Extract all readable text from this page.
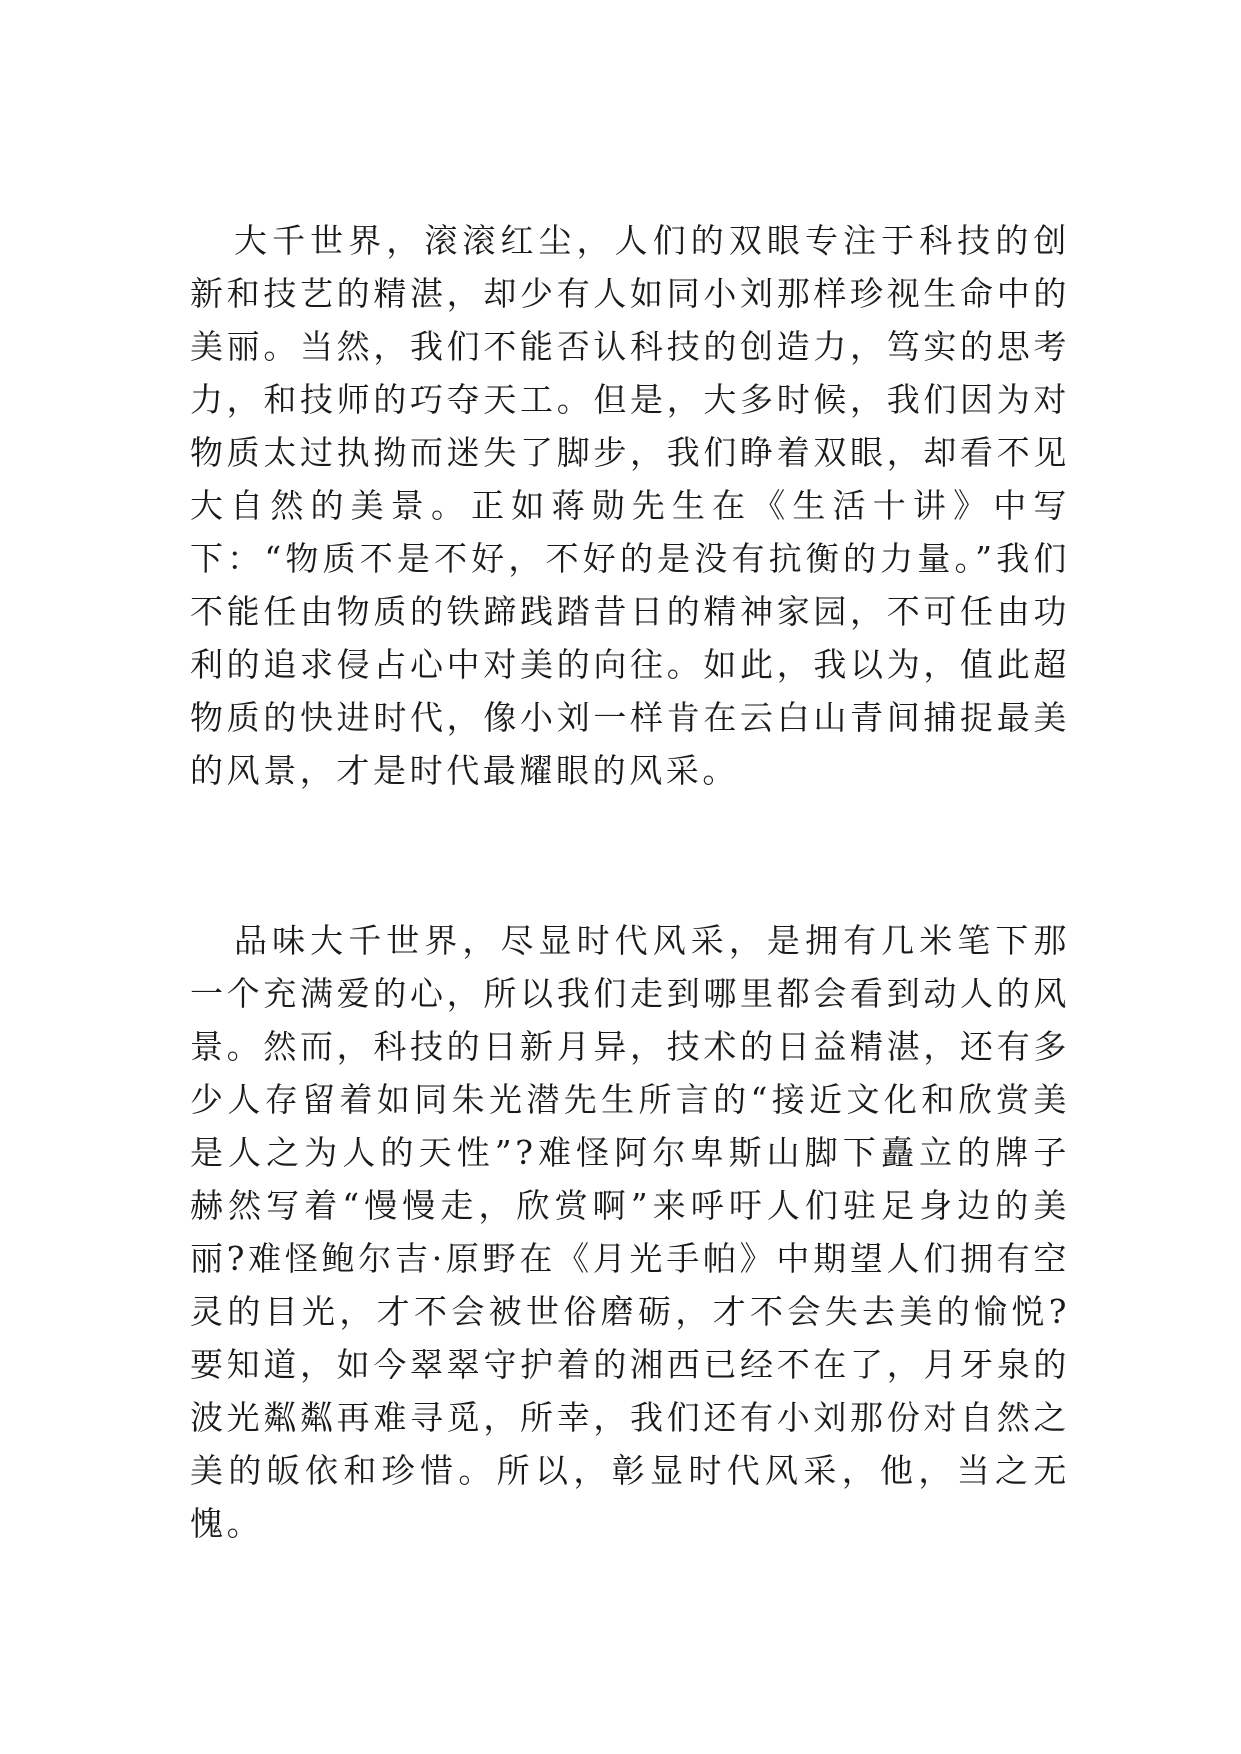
大千世界，滚滚红尘，人们的双眼专注于科技的创新和技艺的精湛，却少有人如同小刘那样珍视生命中的美丽。当然，我们不能否认科技的创造力，笃实的思考力，和技师的巧夺天工。但是，大多时候，我们因为对物质太过执拗而迷失了脚步，我们睁着双眼，却看不见大自然的美景。正如蒋勋先生在《生活十讲》中写下：“物质不是不好，不好的是没有抗衡的力量。”我们不能任由物质的铁蹄践踏昔日的精神家园，不可任由功利的追求侵占心中对美的向往。如此，我以为，值此超物质的快进时代，像小刘一样肯在云白山青间捕捉最美的风景，才是时代最耀眼的风采。

品味大千世界，尽显时代风采，是拥有几米笔下那一个充满爱的心，所以我们走到哪里都会看到动人的风景。然而，科技的日新月异，技术的日益精湛，还有多少人存留着如同朱光潜先生所言的“接近文化和欣赏美是人之为人的天性”?难怪阿尔卑斯山脚下矗立的牌子赫然写着“慢慢走，欣赏啊”来呼吁人们驻足身边的美丽?难怪鲍尔吉·原野在《月光手帕》中期望人们拥有空灵的目光，才不会被世俗磨砺，才不会失去美的愉悦?要知道，如今翠翠守护着的湘西已经不在了，月牙泉的波光粼粼再难寻觅，所幸，我们还有小刘那份对自然之美的皈依和珍惜。所以，彰显时代风采，他，当之无愧。
